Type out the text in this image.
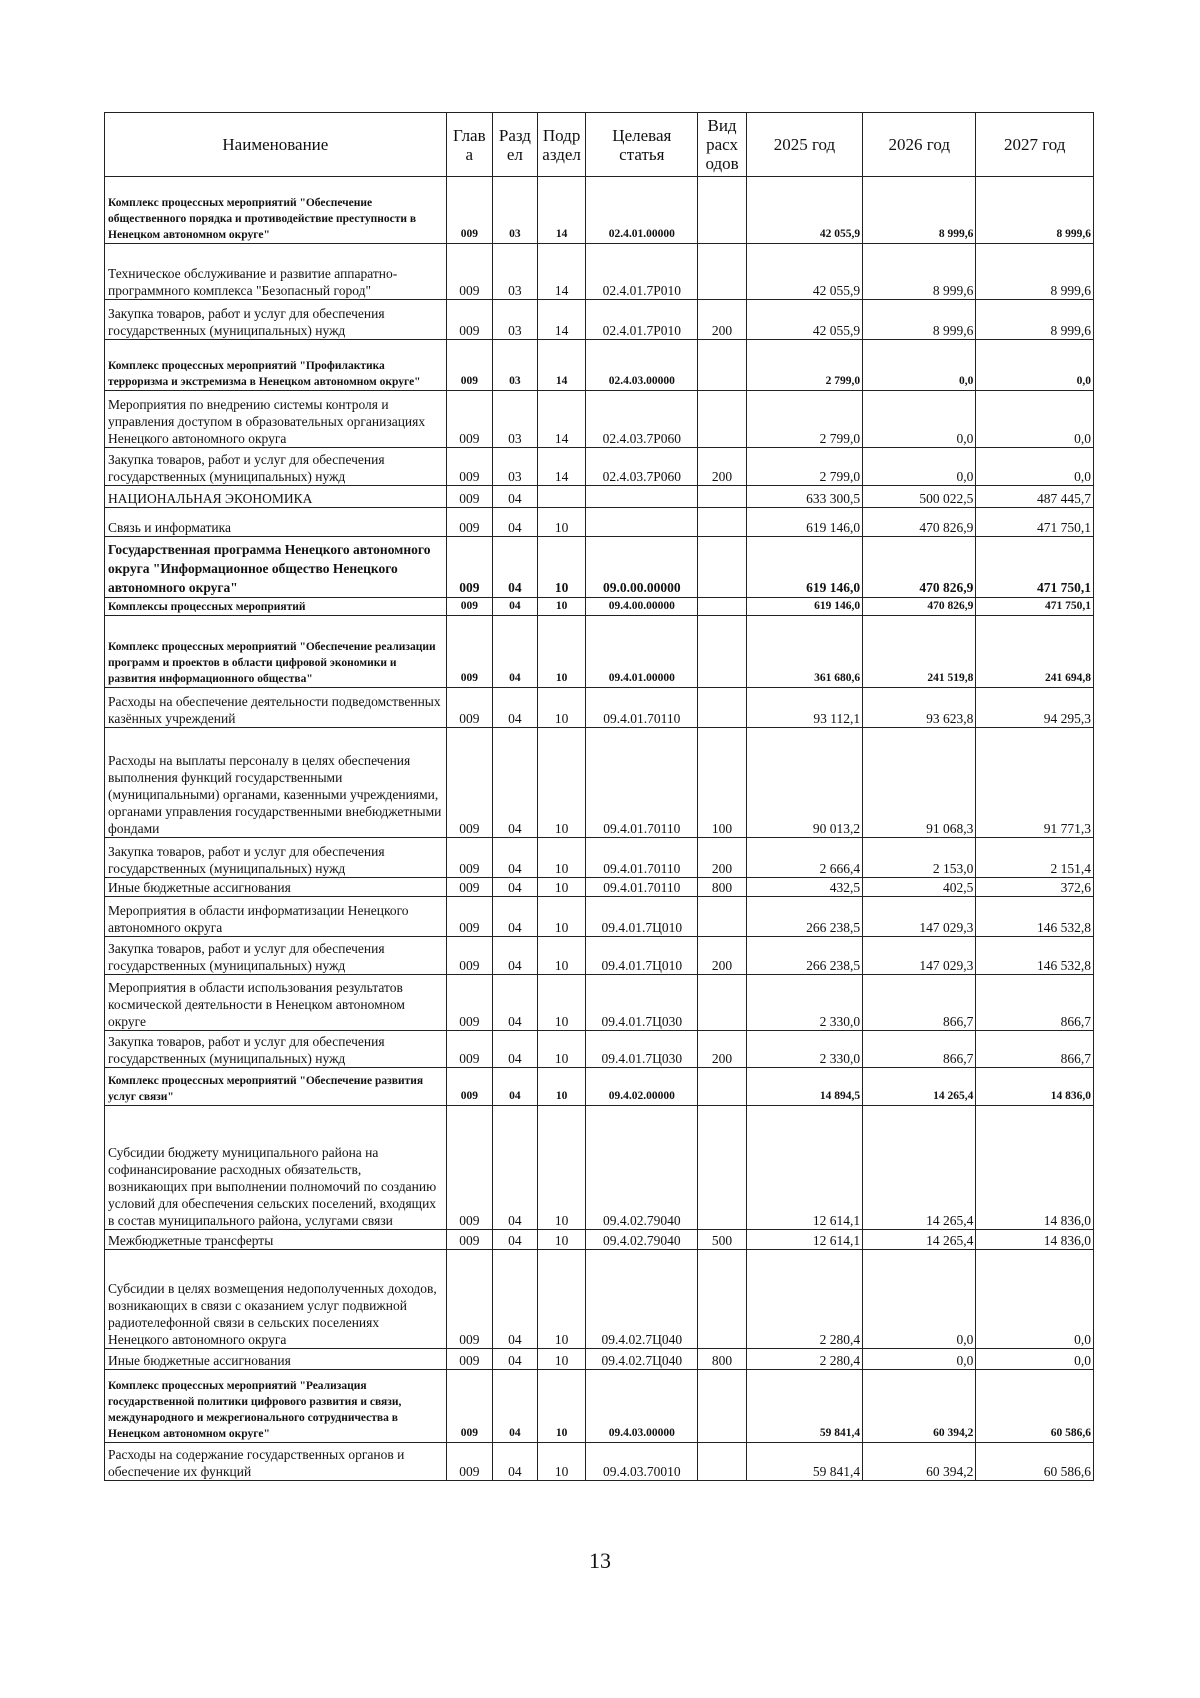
Наименование	Глав а	Разд ел	Подр аздел	Целевая статья	Вид расх одов	2025 год	2026 год	2027 год
Комплекс процессных мероприятий "Обеспечение общественного порядка и противодействие преступности в Ненецком автономном округе"	009	03	14	02.4.01.00000		42 055,9	8 999,6	8 999,6
Техническое обслуживание и развитие аппаратно-программного комплекса "Безопасный город"	009	03	14	02.4.01.7P010		42 055,9	8 999,6	8 999,6
Закупка товаров, работ и услуг для обеспечения государственных (муниципальных) нужд	009	03	14	02.4.01.7P010	200	42 055,9	8 999,6	8 999,6
Комплекс процессных мероприятий "Профилактика терроризма и экстремизма в Ненецком автономном округе"	009	03	14	02.4.03.00000		2 799,0	0,0	0,0
Мероприятия по внедрению системы контроля и управления доступом в образовательных организациях Ненецкого автономного округа	009	03	14	02.4.03.7P060		2 799,0	0,0	0,0
Закупка товаров, работ и услуг для обеспечения государственных (муниципальных) нужд	009	03	14	02.4.03.7P060	200	2 799,0	0,0	0,0
НАЦИОНАЛЬНАЯ ЭКОНОМИКА	009	04				633 300,5	500 022,5	487 445,7
Связь и информатика	009	04	10			619 146,0	470 826,9	471 750,1
Государственная программа Ненецкого автономного округа "Информационное общество Ненецкого автономного округа"	009	04	10	09.0.00.00000		619 146,0	470 826,9	471 750,1
Комплексы процессных мероприятий	009	04	10	09.4.00.00000		619 146,0	470 826,9	471 750,1
Комплекс процессных мероприятий "Обеспечение реализации программ и проектов в области цифровой экономики и развития информационного общества"	009	04	10	09.4.01.00000		361 680,6	241 519,8	241 694,8
Расходы на обеспечение деятельности подведомственных казённых учреждений	009	04	10	09.4.01.70110		93 112,1	93 623,8	94 295,3
Расходы на выплаты персоналу в целях обеспечения выполнения функций государственными (муниципальными) органами, казенными учреждениями, органами управления государственными внебюджетными фондами	009	04	10	09.4.01.70110	100	90 013,2	91 068,3	91 771,3
Закупка товаров, работ и услуг для обеспечения государственных (муниципальных) нужд	009	04	10	09.4.01.70110	200	2 666,4	2 153,0	2 151,4
Иные бюджетные ассигнования	009	04	10	09.4.01.70110	800	432,5	402,5	372,6
Мероприятия в области информатизации Ненецкого автономного округа	009	04	10	09.4.01.7Ц010		266 238,5	147 029,3	146 532,8
Закупка товаров, работ и услуг для обеспечения государственных (муниципальных) нужд	009	04	10	09.4.01.7Ц010	200	266 238,5	147 029,3	146 532,8
Мероприятия в области использования результатов космической деятельности в Ненецком автономном округе	009	04	10	09.4.01.7Ц030		2 330,0	866,7	866,7
Закупка товаров, работ и услуг для обеспечения государственных (муниципальных) нужд	009	04	10	09.4.01.7Ц030	200	2 330,0	866,7	866,7
Комплекс процессных мероприятий "Обеспечение развития услуг связи"	009	04	10	09.4.02.00000		14 894,5	14 265,4	14 836,0
Субсидии бюджету муниципального района на софинансирование расходных обязательств, возникающих при выполнении полномочий по созданию условий для обеспечения сельских поселений, входящих в состав муниципального района, услугами связи	009	04	10	09.4.02.79040		12 614,1	14 265,4	14 836,0
Межбюджетные трансферты	009	04	10	09.4.02.79040	500	12 614,1	14 265,4	14 836,0
Субсидии в целях возмещения недополученных доходов, возникающих в связи с оказанием услуг подвижной радиотелефонной связи в сельских поселениях Ненецкого автономного округа	009	04	10	09.4.02.7Ц040		2 280,4	0,0	0,0
Иные бюджетные ассигнования	009	04	10	09.4.02.7Ц040	800	2 280,4	0,0	0,0
Комплекс процессных мероприятий "Реализация государственной политики цифрового развития и связи, международного и межрегионального сотрудничества в Ненецком автономном округе"	009	04	10	09.4.03.00000		59 841,4	60 394,2	60 586,6
Расходы на содержание государственных органов и обеспечение их функций	009	04	10	09.4.03.70010		59 841,4	60 394,2	60 586,6
13
